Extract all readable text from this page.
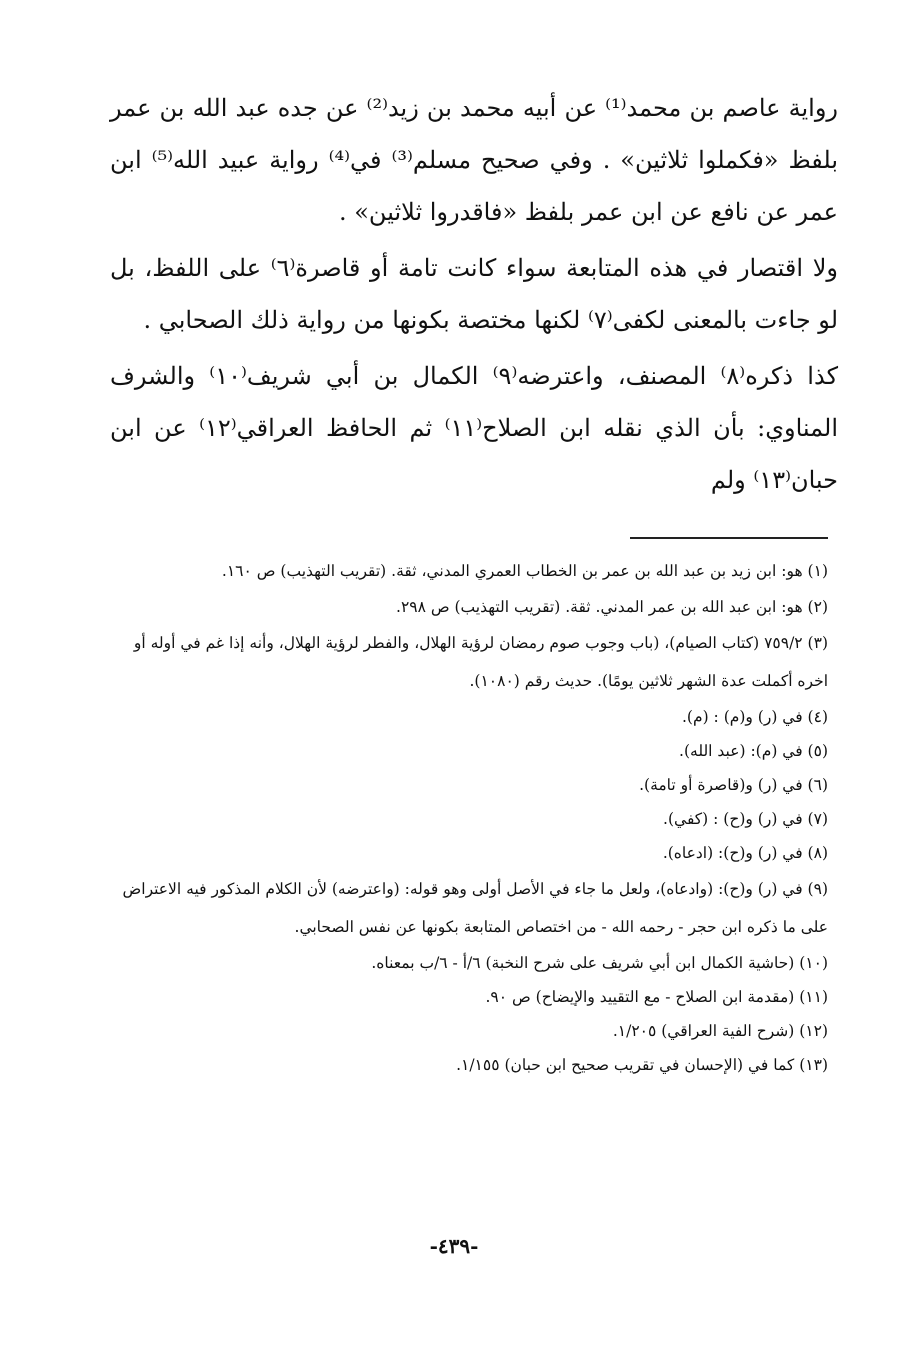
رواية عاصم بن محمد⁽¹⁾ عن أبيه محمد بن زيد⁽²⁾ عن جده عبد الله بن عمر بلفظ «فكملوا ثلاثين» . وفي صحيح مسلم⁽³⁾ في⁽⁴⁾ رواية عبيد الله⁽⁵⁾ ابن عمر عن نافع عن ابن عمر بلفظ «فاقدروا ثلاثين» .

ولا اقتصار في هذه المتابعة سواء كانت تامة أو قاصرة⁽٦⁾ على اللفظ، بل لو جاءت بالمعنى لكفى⁽٧⁾ لكنها مختصة بكونها من رواية ذلك الصحابي .

كذا ذكره⁽٨⁾ المصنف، واعترضه⁽٩⁾ الكمال بن أبي شريف⁽١٠⁾ والشرف المناوي: بأن الذي نقله ابن الصلاح⁽١١⁾ ثم الحافظ العراقي⁽١٢⁾ عن ابن حبان⁽١٣⁾ ولم

(١) هو: ابن زيد بن عبد الله بن عمر بن الخطاب العمري المدني، ثقة. (تقريب التهذيب) ص ١٦٠.

(٢) هو: ابن عبد الله بن عمر المدني. ثقة. (تقريب التهذيب) ص ٢٩٨.

(٣) ٧٥٩/٢ (كتاب الصيام)، (باب وجوب صوم رمضان لرؤية الهلال، والفطر لرؤية الهلال، وأنه إذا غم في أوله أو اخره أكملت عدة الشهر ثلاثين يومًا). حديث رقم (١٠٨٠).

(٤) في (ر) و(م) : (م).

(٥) في (م): (عبد الله).

(٦) في (ر) و(قاصرة أو تامة).

(٧) في (ر) و(ح) : (كفي).

(٨) في (ر) و(ح): (ادعاه).

(٩) في (ر) و(ح): (وادعاه)، ولعل ما جاء في الأصل أولى وهو قوله: (واعترضه) لأن الكلام المذكور فيه الاعتراض على ما ذكره ابن حجر - رحمه الله - من اختصاص المتابعة بكونها عن نفس الصحابي.

(١٠) (حاشية الكمال ابن أبي شريف على شرح النخبة) ٦/أ - ٦/ب بمعناه.

(١١) (مقدمة ابن الصلاح - مع التقييد والإيضاح) ص ٩٠.

(١٢) (شرح الفية العراقي) ١/٢٠٥.

(١٣) كما في (الإحسان في تقريب صحيح ابن حبان) ١/١٥٥.

-٤٣٩-
